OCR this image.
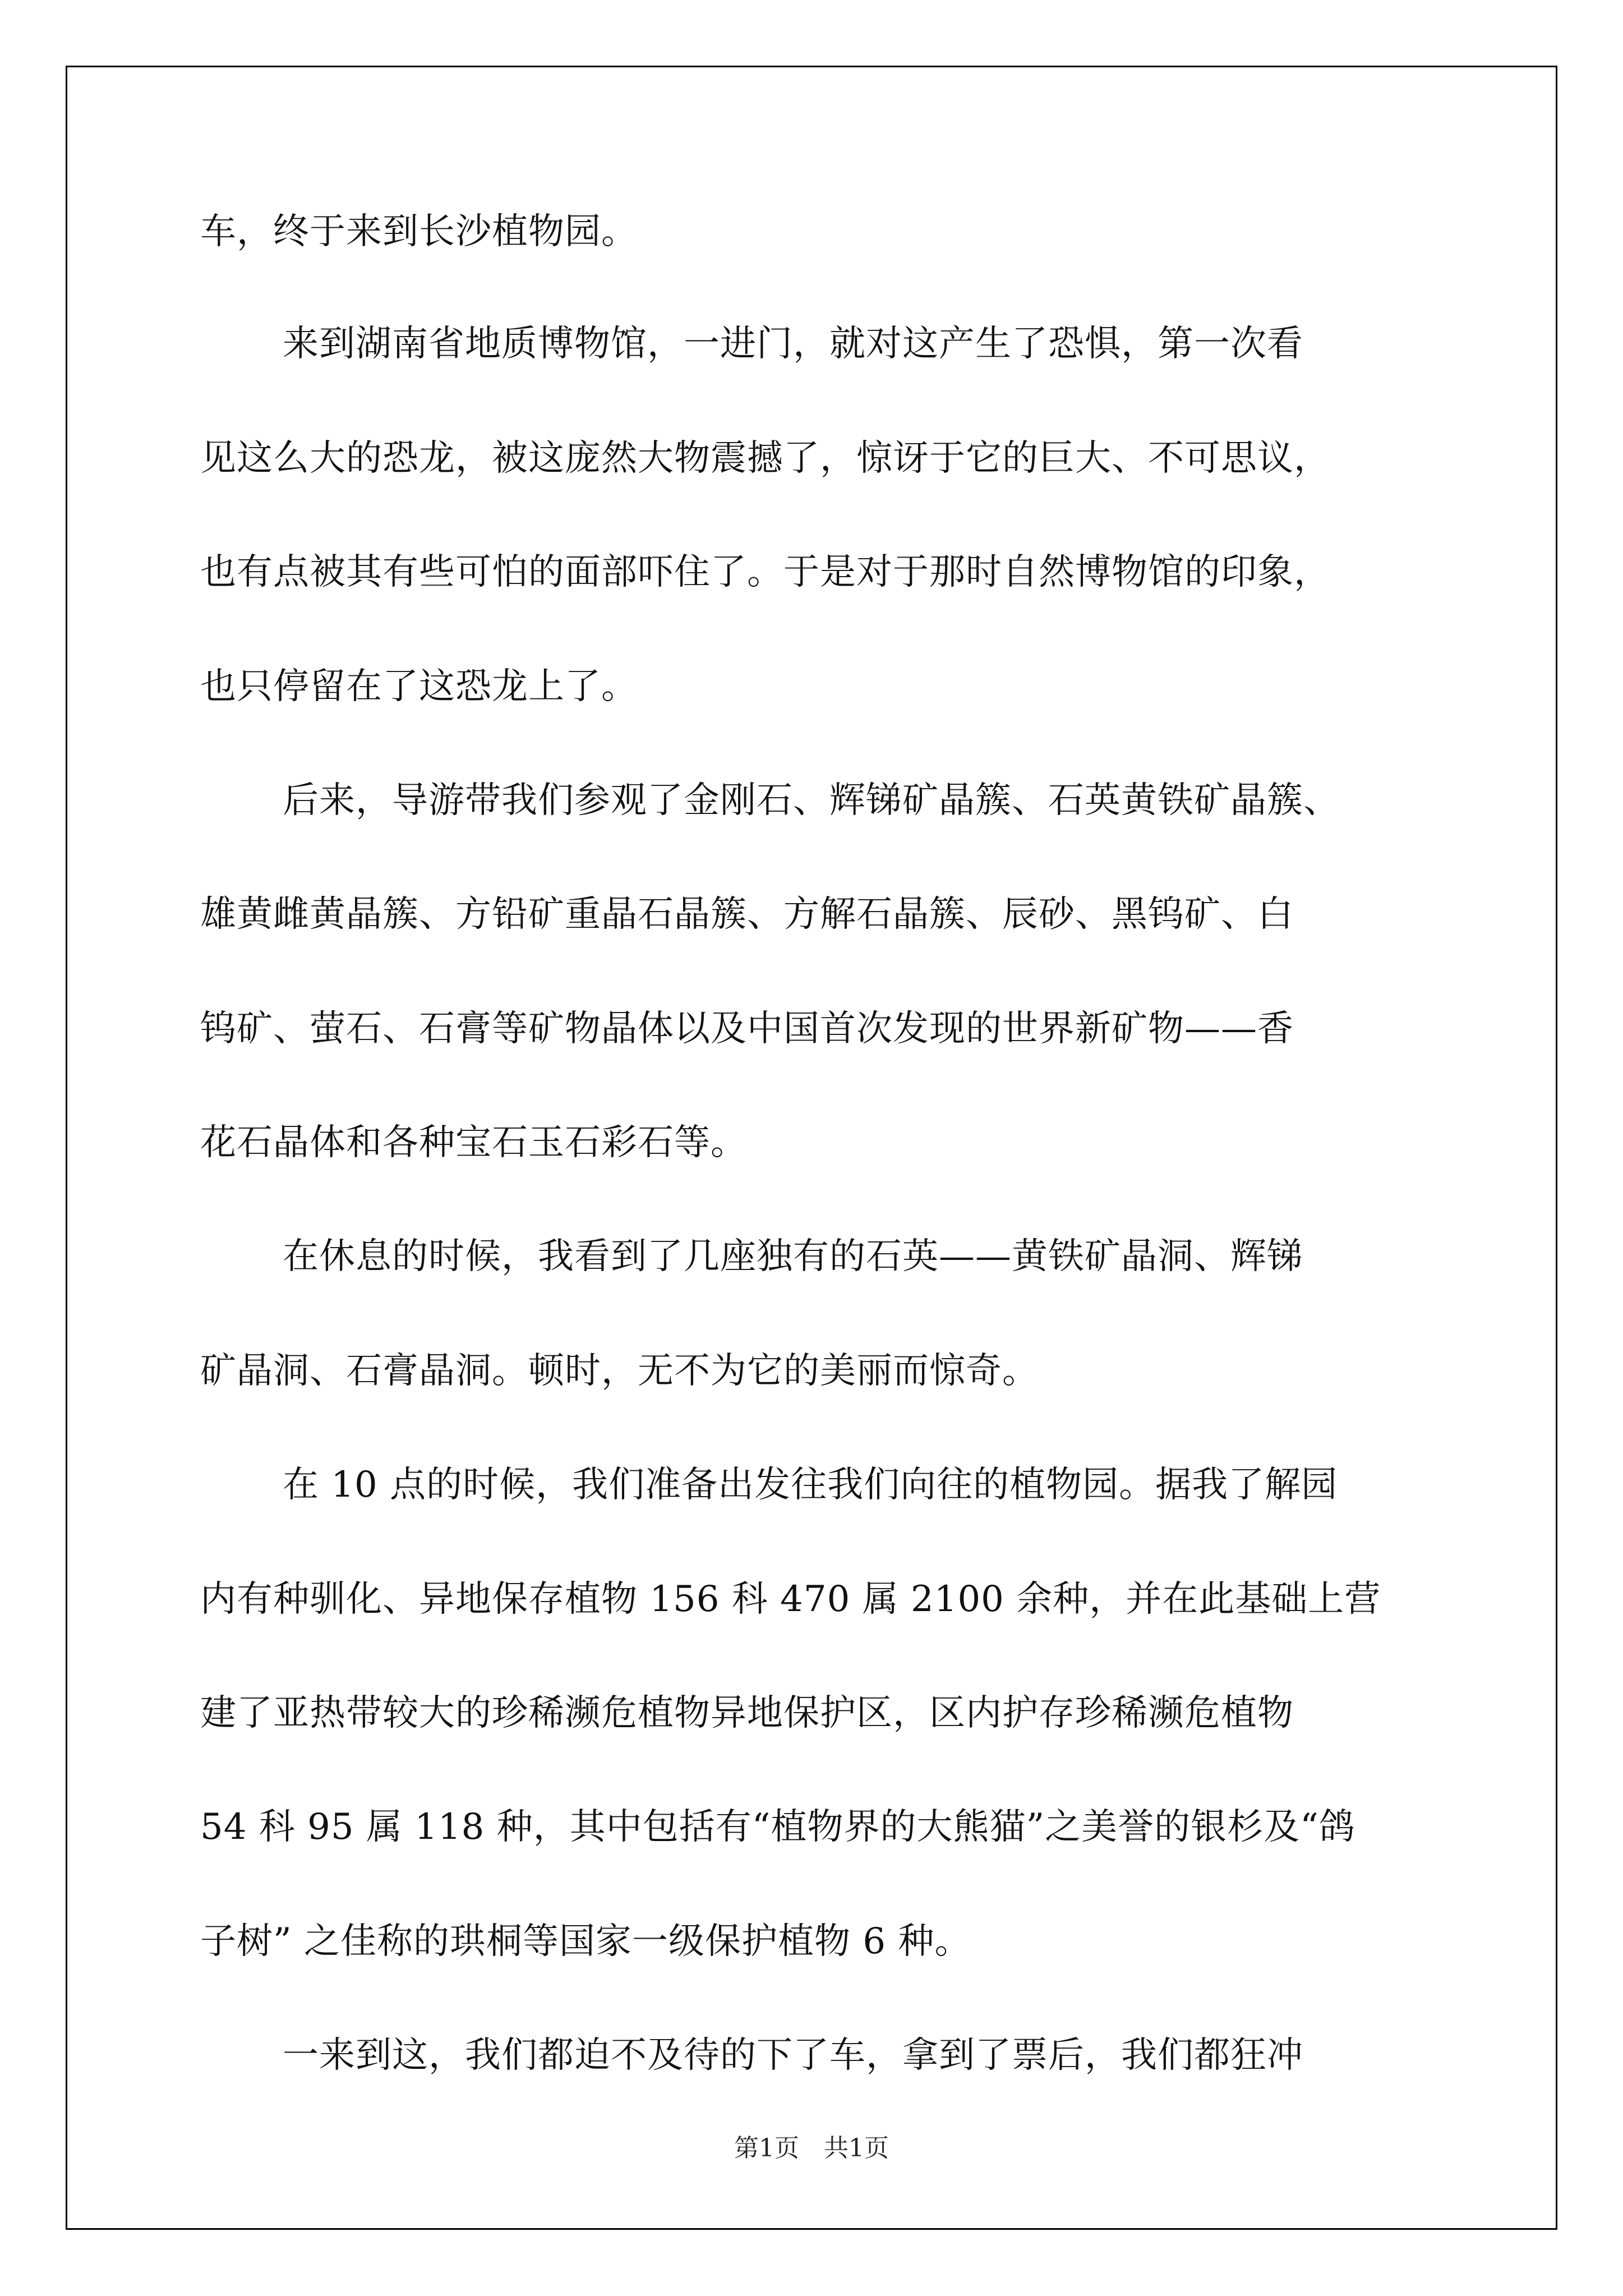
车，终于来到长沙植物园。
来到湖南省地质博物馆，一进门，就对这产生了恐惧，第一次看
见这么大的恐龙，被这庞然大物震撼了，惊讶于它的巨大、不可思议，
也有点被其有些可怕的面部吓住了。于是对于那时自然博物馆的印象，
也只停留在了这恐龙上了。
后来，导游带我们参观了金刚石、辉锑矿晶簇、石英黄铁矿晶簇、
雄黄雌黄晶簇、方铅矿重晶石晶簇、方解石晶簇、辰砂、黑钨矿、白
钨矿、萤石、石膏等矿物晶体以及中国首次发现的世界新矿物——香
花石晶体和各种宝石玉石彩石等。
在休息的时候，我看到了几座独有的石英——黄铁矿晶洞、辉锑
矿晶洞、石膏晶洞。顿时，无不为它的美丽而惊奇。
在 10 点的时候，我们准备出发往我们向往的植物园。据我了解园
内有种驯化、异地保存植物 156 科 470 属 2100 余种，并在此基础上营
建了亚热带较大的珍稀濒危植物异地保护区，区内护存珍稀濒危植物
54 科 95 属 118 种，其中包括有“植物界的大熊猫”之美誉的银杉及“鸽
子树” 之佳称的珙桐等国家一级保护植物 6 种。
一来到这，我们都迫不及待的下了车，拿到了票后，我们都狂冲
第1页　共1页
